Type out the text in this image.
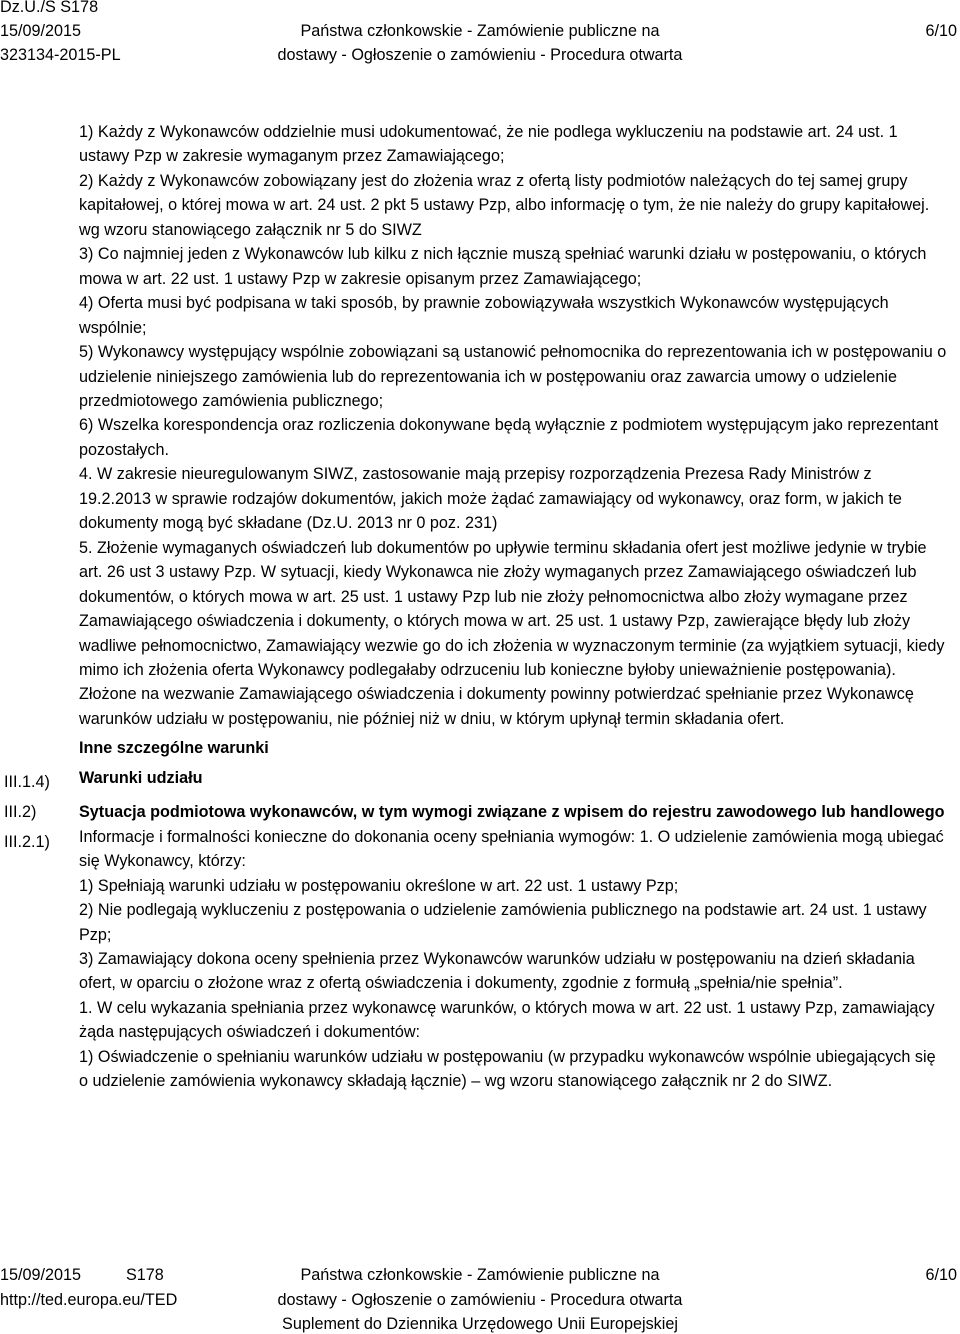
Dz.U./S S178
15/09/2015
323134-2015-PL
Państwa członkowskie - Zamówienie publiczne na
dostawy - Ogłoszenie o zamówieniu - Procedura otwarta
6/10
III.1.4)
III.2)
III.2.1)

1) Każdy z Wykonawców oddzielnie musi udokumentować, że nie podlega wykluczeniu na podstawie art. 24 ust. 1 ustawy Pzp w zakresie wymaganym przez Zamawiającego;

2) Każdy z Wykonawców zobowiązany jest do złożenia wraz z ofertą listy podmiotów należących do tej samej grupy kapitałowej, o której mowa w art. 24 ust. 2 pkt 5 ustawy Pzp, albo informację o tym, że nie należy do grupy kapitałowej. wg wzoru stanowiącego załącznik nr 5 do SIWZ

3) Co najmniej jeden z Wykonawców lub kilku z nich łącznie muszą spełniać warunki działu w postępowaniu, o których mowa w art. 22 ust. 1 ustawy Pzp w zakresie opisanym przez Zamawiającego;

4) Oferta musi być podpisana w taki sposób, by prawnie zobowiązywała wszystkich Wykonawców występujących wspólnie;

5) Wykonawcy występujący wspólnie zobowiązani są ustanowić pełnomocnika do reprezentowania ich w postępowaniu o udzielenie niniejszego zamówienia lub do reprezentowania ich w postępowaniu oraz zawarcia umowy o udzielenie przedmiotowego zamówienia publicznego;

6) Wszelka korespondencja oraz rozliczenia dokonywane będą wyłącznie z podmiotem występującym jako reprezentant pozostałych.

4. W zakresie nieuregulowanym SIWZ, zastosowanie mają przepisy rozporządzenia Prezesa Rady Ministrów z 19.2.2013 w sprawie rodzajów dokumentów, jakich może żądać zamawiający od wykonawcy, oraz form, w jakich te dokumenty mogą być składane (Dz.U. 2013 nr 0 poz. 231)

5. Złożenie wymaganych oświadczeń lub dokumentów po upływie terminu składania ofert jest możliwe jedynie w trybie art. 26 ust 3 ustawy Pzp. W sytuacji, kiedy Wykonawca nie złoży wymaganych przez Zamawiającego oświadczeń lub dokumentów, o których mowa w art. 25 ust. 1 ustawy Pzp lub nie złoży pełnomocnictwa albo złoży wymagane przez Zamawiającego oświadczenia i dokumenty, o których mowa w art. 25 ust. 1 ustawy Pzp, zawierające błędy lub złoży wadliwe pełnomocnictwo, Zamawiający wezwie go do ich złożenia w wyznaczonym terminie (za wyjątkiem sytuacji, kiedy mimo ich złożenia oferta Wykonawcy podlegałaby odrzuceniu lub konieczne byłoby unieważnienie postępowania). Złożone na wezwanie Zamawiającego oświadczenia i dokumenty powinny potwierdzać spełnianie przez Wykonawcę warunków udziału w postępowaniu, nie później niż w dniu, w którym upłynął termin składania ofert.

Inne szczególne warunki

Warunki udziału

Sytuacja podmiotowa wykonawców, w tym wymogi związane z wpisem do rejestru zawodowego lub handlowego

Informacje i formalności konieczne do dokonania oceny spełniania wymogów: 1. O udzielenie zamówienia mogą ubiegać się Wykonawcy, którzy:

1) Spełniają warunki udziału w postępowaniu określone w art. 22 ust. 1 ustawy Pzp;

2) Nie podlegają wykluczeniu z postępowania o udzielenie zamówienia publicznego na podstawie art. 24 ust. 1 ustawy Pzp;

3) Zamawiający dokona oceny spełnienia przez Wykonawców warunków udziału w postępowaniu na dzień składania ofert, w oparciu o złożone wraz z ofertą oświadczenia i dokumenty, zgodnie z formułą „spełnia/nie spełnia”.

1. W celu wykazania spełniania przez wykonawcę warunków, o których mowa w art. 22 ust. 1 ustawy Pzp, zamawiający żąda następujących oświadczeń i dokumentów:

1) Oświadczenie o spełnianiu warunków udziału w postępowaniu (w przypadku wykonawców wspólnie ubiegających się o udzielenie zamówienia wykonawcy składają łącznie) – wg wzoru stanowiącego załącznik nr 2 do SIWZ.

15/09/2015	S178
http://ted.europa.eu/TED
Państwa członkowskie - Zamówienie publiczne na
dostawy - Ogłoszenie o zamówieniu - Procedura otwarta
Suplement do Dziennika Urzędowego Unii Europejskiej
6/10
